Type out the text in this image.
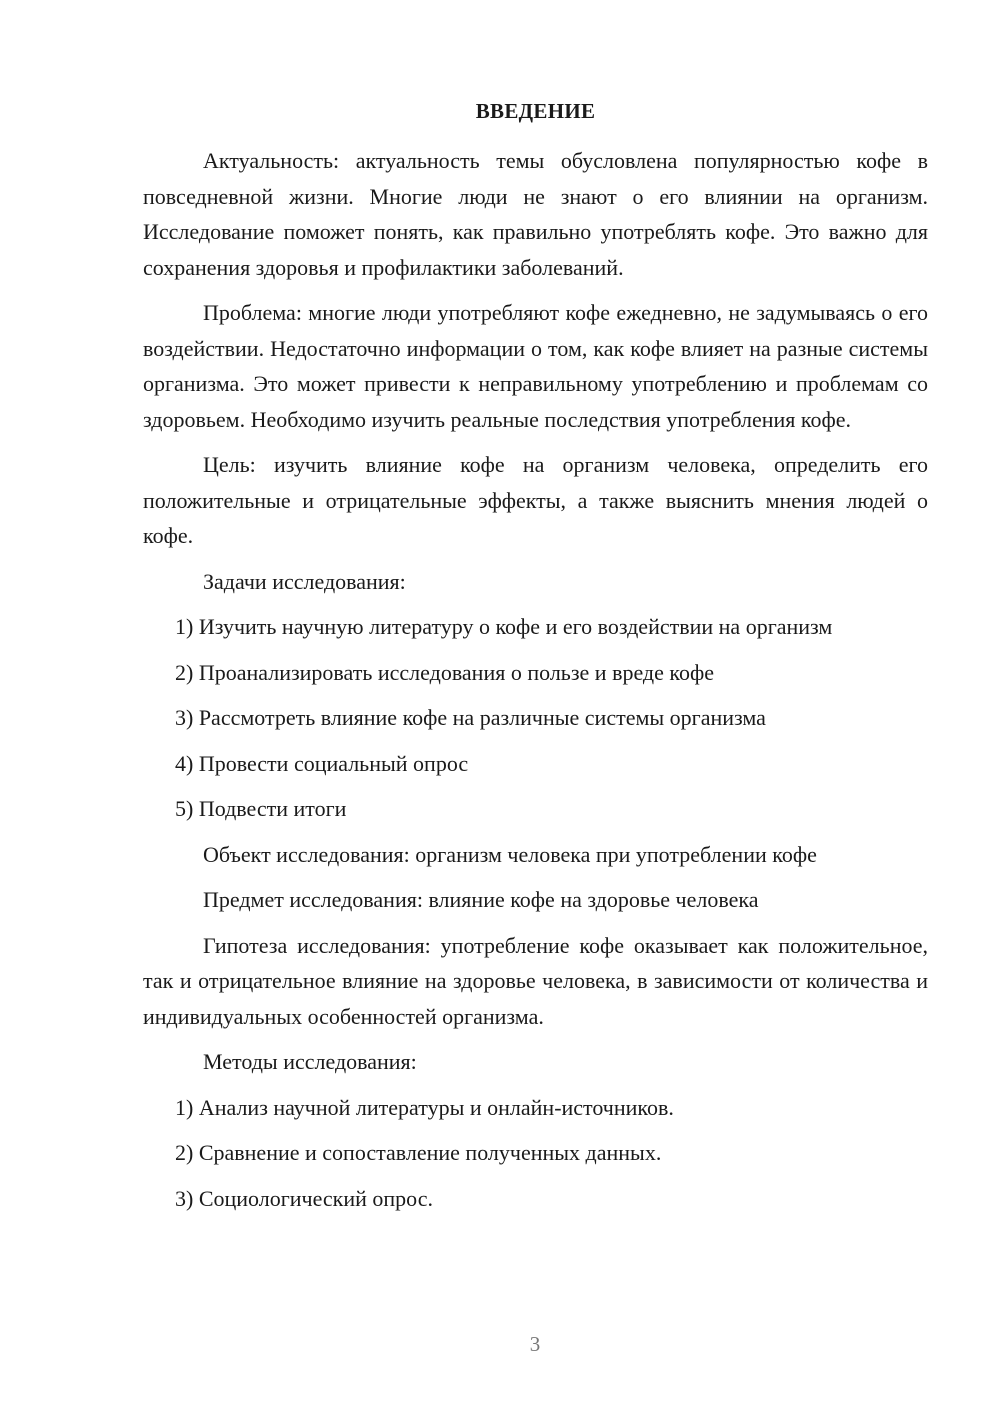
ВВЕДЕНИЕ

Актуальность: актуальность темы обусловлена популярностью кофе в повседневной жизни. Многие люди не знают о его влиянии на организм. Исследование поможет понять, как правильно употреблять кофе. Это важно для сохранения здоровья и профилактики заболеваний.

Проблема: многие люди употребляют кофе ежедневно, не задумываясь о его воздействии. Недостаточно информации о том, как кофе влияет на разные системы организма. Это может привести к неправильному употреблению и проблемам со здоровьем. Необходимо изучить реальные последствия употребления кофе.

Цель: изучить влияние кофе на организм человека, определить его положительные и отрицательные эффекты, а также выяснить мнения людей о кофе.

Задачи исследования:
1) Изучить научную литературу о кофе и его воздействии на организм
2) Проанализировать исследования о пользе и вреде кофе
3) Рассмотреть влияние кофе на различные системы организма
4) Провести социальный опрос
5) Подвести итоги
Объект исследования: организм человека при употреблении кофе
Предмет исследования: влияние кофе на здоровье человека

Гипотеза исследования: употребление кофе оказывает как положительное, так и отрицательное влияние на здоровье человека, в зависимости от количества и индивидуальных особенностей организма.

Методы исследования:
1) Анализ научной литературы и онлайн-источников.
2) Сравнение и сопоставление полученных данных.
3) Социологический опрос.
3
